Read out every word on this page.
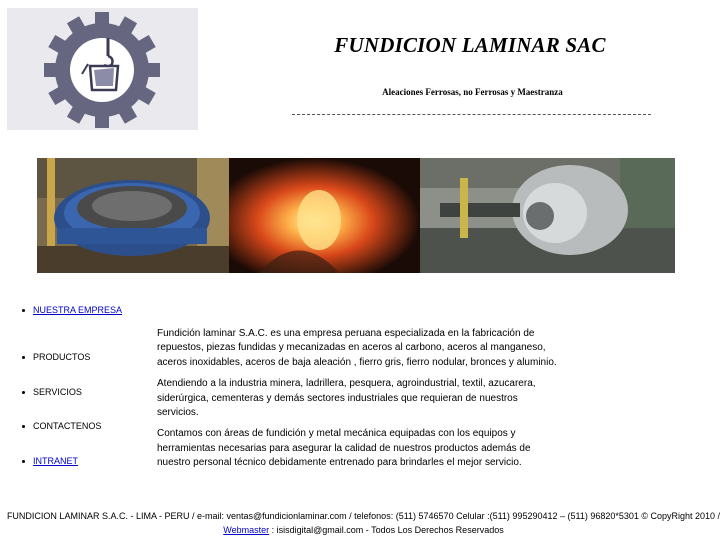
FUNDICION LAMINAR SAC
Aleaciones Ferrosas, no Ferrosas y Maestranza
NUESTRA EMPRESA
PRODUCTOS
SERVICIOS
CONTACTENOS
INTRANET

Fundición laminar S.A.C. es una empresa peruana especializada en la fabricación de repuestos, piezas fundidas y mecanizadas en aceros al carbono, aceros al manganeso, aceros inoxidables, aceros de baja aleación , fierro gris, fierro nodular, bronces y aluminio.

Atendiendo a la industria minera, ladrillera, pesquera, agroindustrial, textil, azucarera, siderúrgica, cementeras y demás sectores industriales que requieran de nuestros servicios.

Contamos con áreas de fundición y metal mecánica equipadas con los equipos y herramientas necesarias para asegurar la calidad de nuestros productos además de nuestro personal técnico debidamente entrenado para brindarles el mejor servicio.

FUNDICION LAMINAR S.A.C. - LIMA - PERU / e-mail: ventas@fundicionlaminar.com / telefonos: (511) 5746570 Celular :(511) 995290412 – (511) 96820*5301 © CopyRight 2010 / Webmaster : isisdigital@gmail.com - Todos Los Derechos Reservados
